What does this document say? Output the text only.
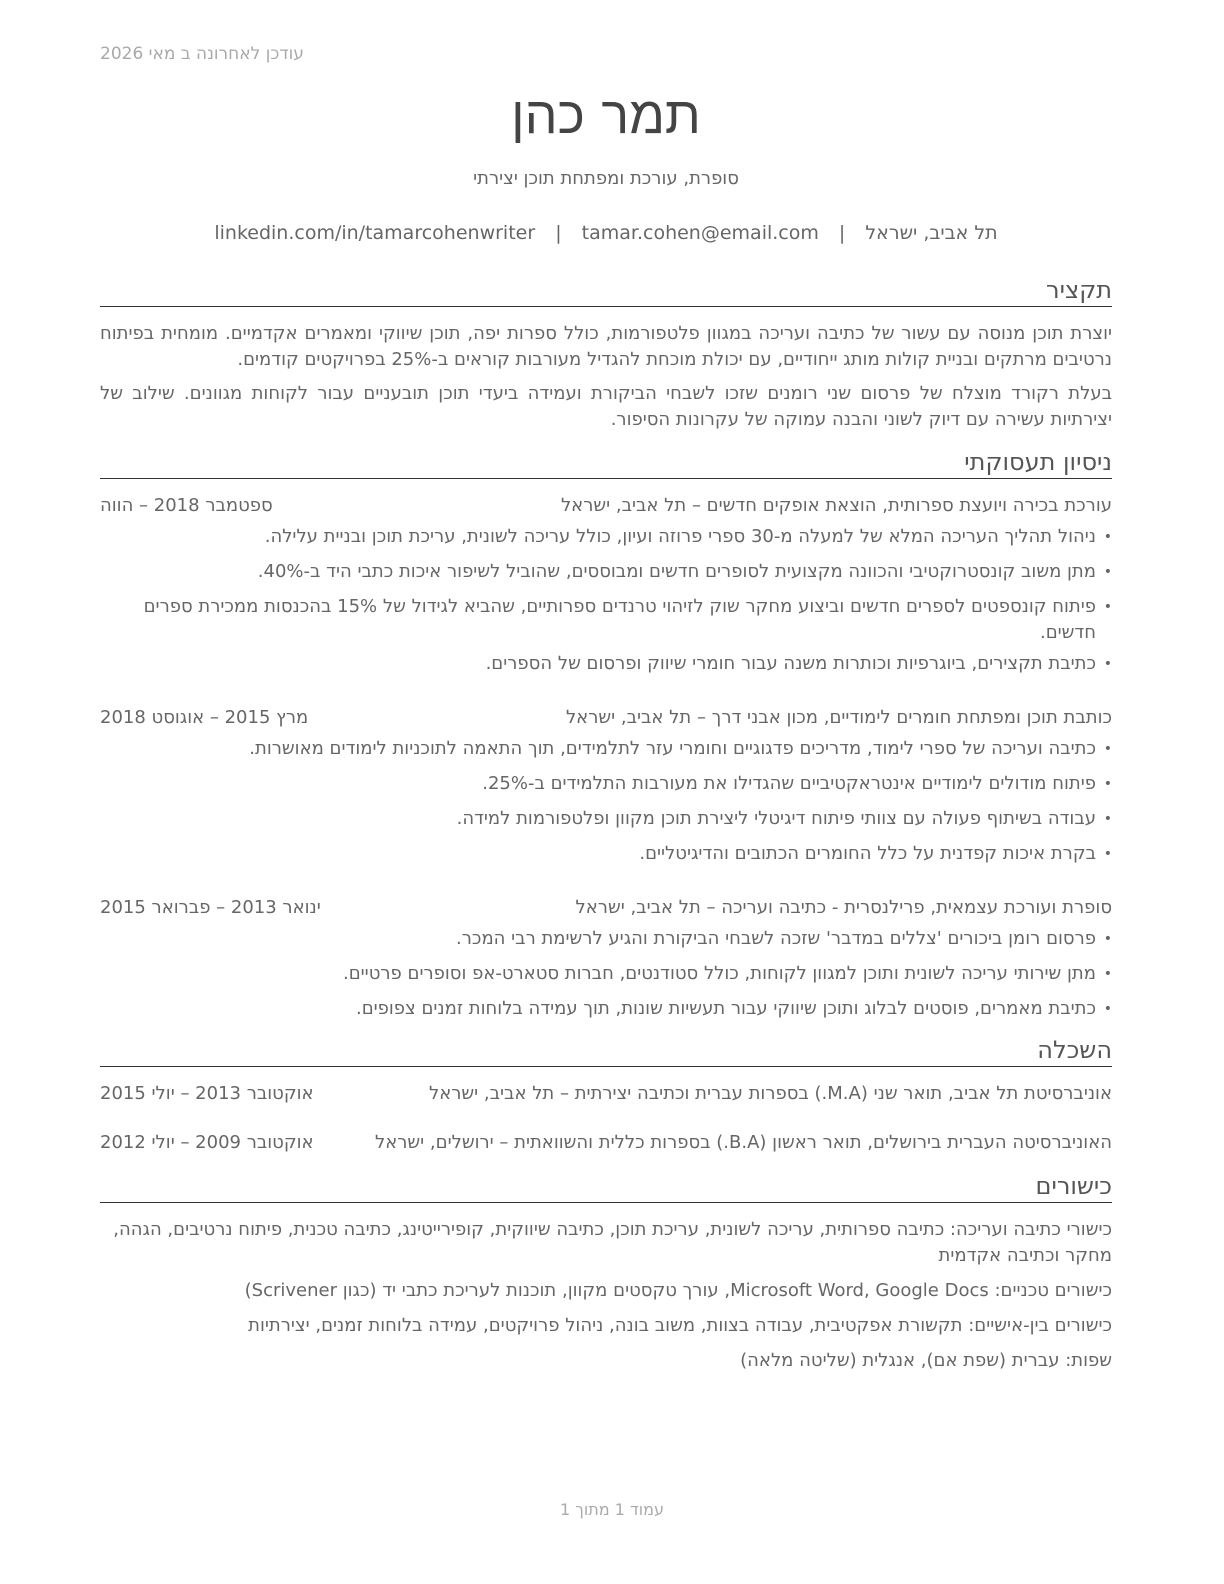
עודכן לאחרונה ב מאי 2026
תמר כהן
סופרת, עורכת ומפתחת תוכן יצירתי
תל אביב, ישראל | tamar.cohen@email.com | linkedin.com/in/tamarcohenwriter
תקציר

יוצרת תוכן מנוסה עם עשור של כתיבה ועריכה במגוון פלטפורמות, כולל ספרות יפה, תוכן שיווקי ומאמרים אקדמיים. מומחית בפיתוח נרטיבים מרתקים ובניית קולות מותג ייחודיים, עם יכולת מוכחת להגדיל מעורבות קוראים ב-25% בפרויקטים קודמים.

בעלת רקורד מוצלח של פרסום שני רומנים שזכו לשבחי הביקורת ועמידה ביעדי תוכן תובעניים עבור לקוחות מגוונים. שילוב של יצירתיות עשירה עם דיוק לשוני והבנה עמוקה של עקרונות הסיפור.

ניסיון תעסוקתי
עורכת בכירה ויועצת ספרותית, הוצאת אופקים חדשים – תל אביב, ישראל
ספטמבר 2018 – הווה
• ניהול תהליך העריכה המלא של למעלה מ-30 ספרי פרוזה ועיון, כולל עריכה לשונית, עריכת תוכן ובניית עלילה.
• מתן משוב קונסטרוקטיבי והכוונה מקצועית לסופרים חדשים ומבוססים, שהוביל לשיפור איכות כתבי היד ב-40%.
• פיתוח קונספטים לספרים חדשים וביצוע מחקר שוק לזיהוי טרנדים ספרותיים, שהביא לגידול של 15% בהכנסות ממכירת ספרים חדשים.
• כתיבת תקצירים, ביוגרפיות וכותרות משנה עבור חומרי שיווק ופרסום של הספרים.
כותבת תוכן ומפתחת חומרים לימודיים, מכון אבני דרך – תל אביב, ישראל
מרץ 2015 – אוגוסט 2018
• כתיבה ועריכה של ספרי לימוד, מדריכים פדגוגיים וחומרי עזר לתלמידים, תוך התאמה לתוכניות לימודים מאושרות.
• פיתוח מודולים לימודיים אינטראקטיביים שהגדילו את מעורבות התלמידים ב-25%.
• עבודה בשיתוף פעולה עם צוותי פיתוח דיגיטלי ליצירת תוכן מקוון ופלטפורמות למידה.
• בקרת איכות קפדנית על כלל החומרים הכתובים והדיגיטליים.
סופרת ועורכת עצמאית, פרילנסרית - כתיבה ועריכה – תל אביב, ישראל
ינואר 2013 – פברואר 2015
• פרסום רומן ביכורים 'צללים במדבר' שזכה לשבחי הביקורת והגיע לרשימת רבי המכר.
• מתן שירותי עריכה לשונית ותוכן למגוון לקוחות, כולל סטודנטים, חברות סטארט-אפ וסופרים פרטיים.
• כתיבת מאמרים, פוסטים לבלוג ותוכן שיווקי עבור תעשיות שונות, תוך עמידה בלוחות זמנים צפופים.
השכלה
אוניברסיטת תל אביב, תואר שני (M.A.) בספרות עברית וכתיבה יצירתית – תל אביב, ישראל
אוקטובר 2013 – יולי 2015
האוניברסיטה העברית בירושלים, תואר ראשון (B.A.) בספרות כללית והשוואתית – ירושלים, ישראל
אוקטובר 2009 – יולי 2012
כישורים
כישורי כתיבה ועריכה: כתיבה ספרותית, עריכה לשונית, עריכת תוכן, כתיבה שיווקית, קופירייטינג, כתיבה טכנית, פיתוח נרטיבים, הגהה, מחקר וכתיבה אקדמית
כישורים טכניים: Microsoft Word, Google Docs, עורך טקסטים מקוון, תוכנות לעריכת כתבי יד (כגון Scrivener)
כישורים בין-אישיים: תקשורת אפקטיבית, עבודה בצוות, משוב בונה, ניהול פרויקטים, עמידה בלוחות זמנים, יצירתיות
שפות: עברית (שפת אם), אנגלית (שליטה מלאה)
עמוד 1 מתוך 1
